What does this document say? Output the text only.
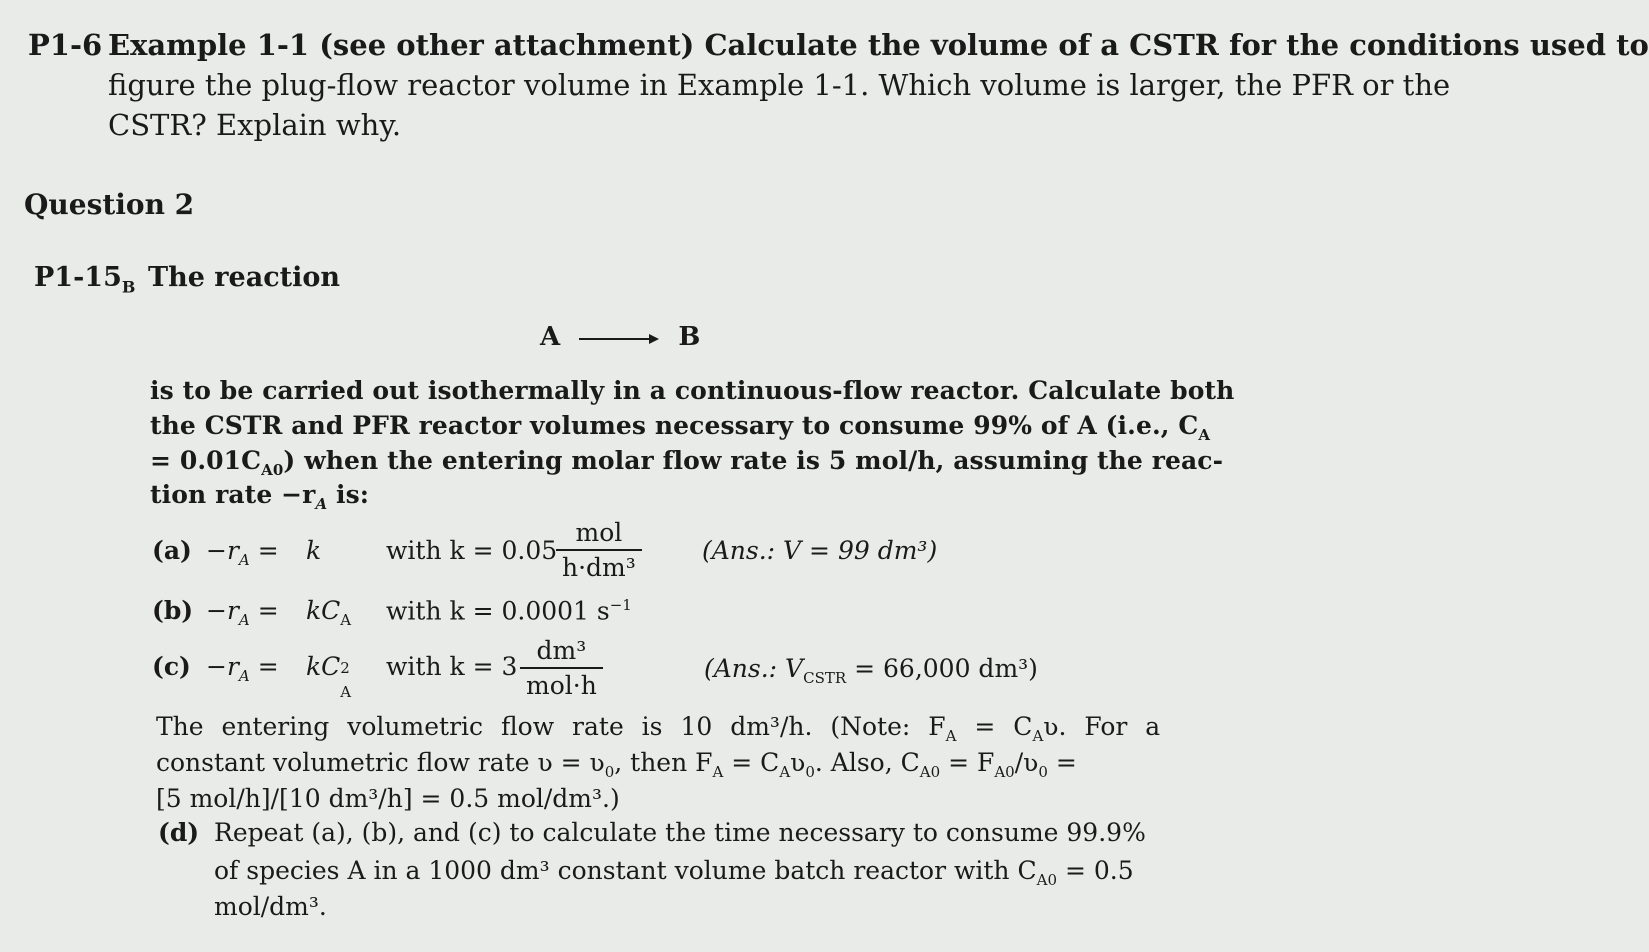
P1-6 Example 1-1 (see other attachment) Calculate the volume of a CSTR for the conditions used to
figure the plug-flow reactor volume in Example 1-1. Which volume is larger, the PFR or the
CSTR? Explain why.
Question 2
$P1-15_B$ The reaction
A → B
is to be carried out isothermally in a continuous-flow reactor. Calculate both
the CSTR and PFR reactor volumes necessary to consume 99% of A (i.e., $C_A$
= $0.01C_{A0}$) when the entering molar flow rate is 5 mol/h, assuming the reac-
tion rate $-r_A$ is:
$(a) -r_A = k$	with k = 0.05
mol
h·dm³
(Ans.: V = 99 dm³)
$(b) -r_A = kC_A$ with k = 0.0001 $s^{-1}$
$(c) -r_A$ = kC 2
A
with k = 3
dm³
mol·h
(Ans.: $V_{CSTR} = 66,000$ dm³)
The entering volumetric flow rate is 10 dm³/h. (Note: $F_A$ = $C_Aʋ$. For a
constant volumetric flow rate ʋ = ʋ$_0$, then $F_A$ = $C_Aʋ_0$. Also, $C_{A0}$ = $F_{A0}/ʋ_0$ =
[5 mol/h]/[10 dm³/h] = 0.5 mol/dm³.)
(d) Repeat (a), (b), and (c) to calculate the time necessary to consume 99.9%
of species A in a 1000 dm³ constant volume batch reactor with $C_{A0} = 0.5$
mol/dm³.
